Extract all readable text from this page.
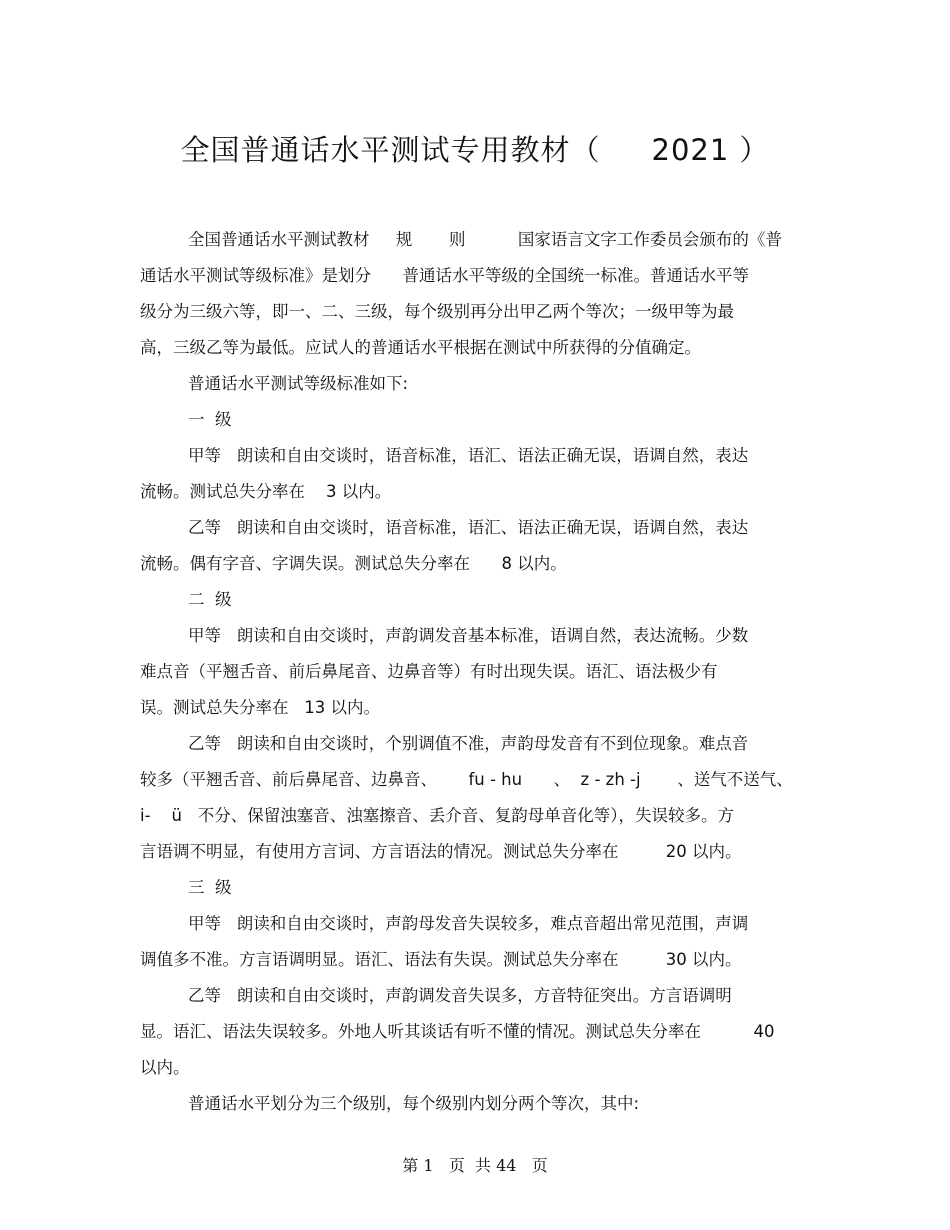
全国普通话水平测试专用教材（     2021 ）
全国普通话水平测试教材     规       则          国家语言文字工作委员会颁布的《普
通话水平测试等级标准》是划分      普通话水平等级的全国统一标准。普通话水平等
级分为三级六等，即一、二、三级，每个级别再分出甲乙两个等次；一级甲等为最
高，三级乙等为最低。应试人的普通话水平根据在测试中所获得的分值确定。
普通话水平测试等级标准如下:
一  级
甲等   朗读和自由交谈时，语音标准，语汇、语法正确无误，语调自然，表达
流畅。测试总失分率在    3 以内。
乙等   朗读和自由交谈时，语音标准，语汇、语法正确无误，语调自然，表达
流畅。偶有字音、字调失误。测试总失分率在      8 以内。
二  级
甲等   朗读和自由交谈时，声韵调发音基本标准，语调自然，表达流畅。少数
难点音（平翘舌音、前后鼻尾音、边鼻音等）有时出现失误。语汇、语法极少有
误。测试总失分率在   13 以内。
乙等   朗读和自由交谈时，个别调值不准，声韵母发音有不到位现象。难点音
较多（平翘舌音、前后鼻尾音、边鼻音、      fu - hu      、  z - zh -j       、送气不送气、
i-    ü   不分、保留浊塞音、浊塞擦音、丢介音、复韵母单音化等），失误较多。方
言语调不明显，有使用方言词、方言语法的情况。测试总失分率在         20 以内。
三  级
甲等   朗读和自由交谈时，声韵母发音失误较多，难点音超出常见范围，声调
调值多不准。方言语调明显。语汇、语法有失误。测试总失分率在         30 以内。
乙等   朗读和自由交谈时，声韵调发音失误多，方音特征突出。方言语调明
显。语汇、语法失误较多。外地人听其谈话有听不懂的情况。测试总失分率在          40
以内。
普通话水平划分为三个级别，每个级别内划分两个等次，其中:
第 1   页  共 44   页
